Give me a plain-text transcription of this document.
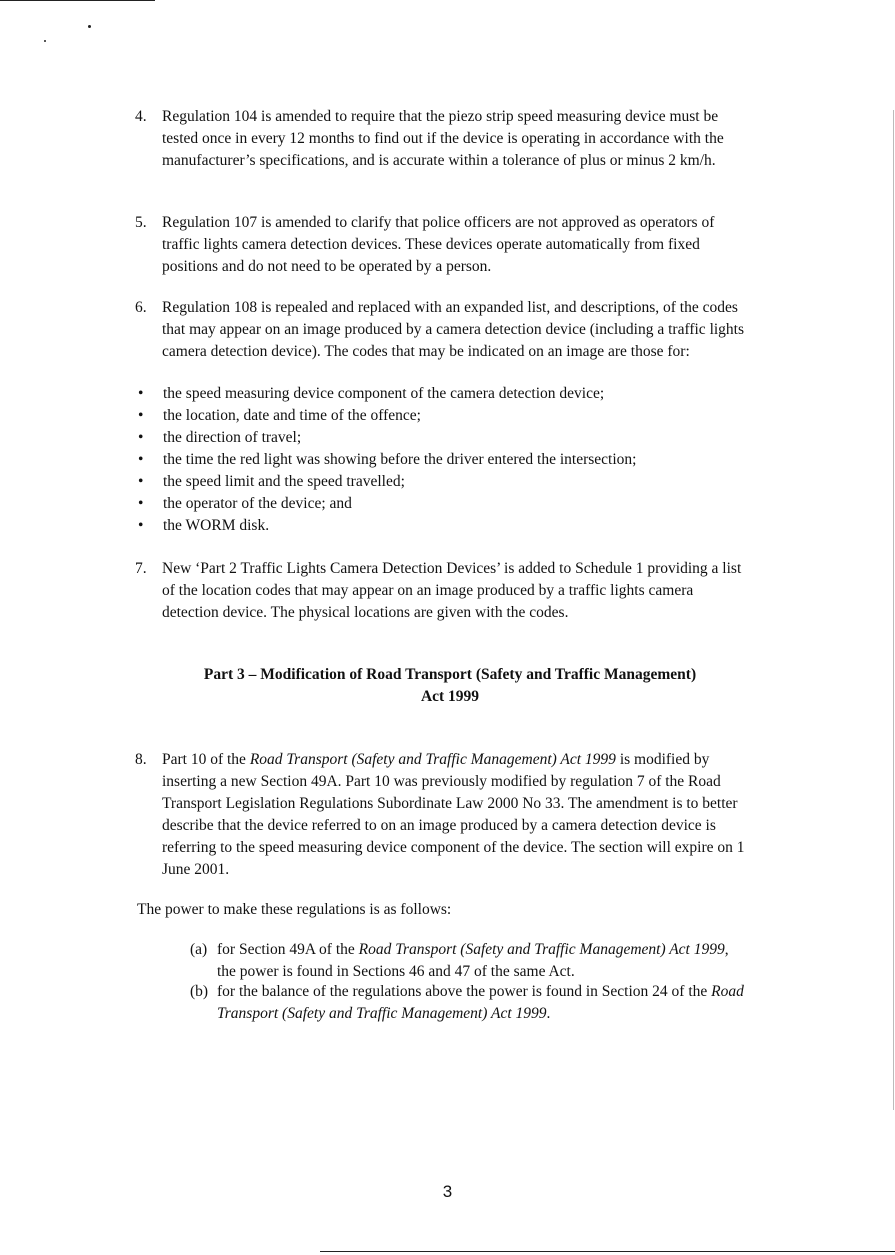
4. Regulation 104 is amended to require that the piezo strip speed measuring device must be tested once in every 12 months to find out if the device is operating in accordance with the manufacturer’s specifications, and is accurate within a tolerance of plus or minus 2 km/h.
5. Regulation 107 is amended to clarify that police officers are not approved as operators of traffic lights camera detection devices. These devices operate automatically from fixed positions and do not need to be operated by a person.
6. Regulation 108 is repealed and replaced with an expanded list, and descriptions, of the codes that may appear on an image produced by a camera detection device (including a traffic lights camera detection device). The codes that may be indicated on an image are those for:
• the speed measuring device component of the camera detection device;
• the location, date and time of the offence;
• the direction of travel;
• the time the red light was showing before the driver entered the intersection;
• the speed limit and the speed travelled;
• the operator of the device; and
• the WORM disk.
7. New ‘Part 2 Traffic Lights Camera Detection Devices’ is added to Schedule 1 providing a list of the location codes that may appear on an image produced by a traffic lights camera detection device. The physical locations are given with the codes.
Part 3 – Modification of Road Transport (Safety and Traffic Management)
Act 1999
8. Part 10 of the Road Transport (Safety and Traffic Management) Act 1999 is modified by inserting a new Section 49A. Part 10 was previously modified by regulation 7 of the Road Transport Legislation Regulations Subordinate Law 2000 No 33. The amendment is to better describe that the device referred to on an image produced by a camera detection device is referring to the speed measuring device component of the device. The section will expire on 1 June 2001.
The power to make these regulations is as follows:
(a) for Section 49A of the Road Transport (Safety and Traffic Management) Act 1999, the power is found in Sections 46 and 47 of the same Act.
(b) for the balance of the regulations above the power is found in Section 24 of the Road Transport (Safety and Traffic Management) Act 1999.
3
